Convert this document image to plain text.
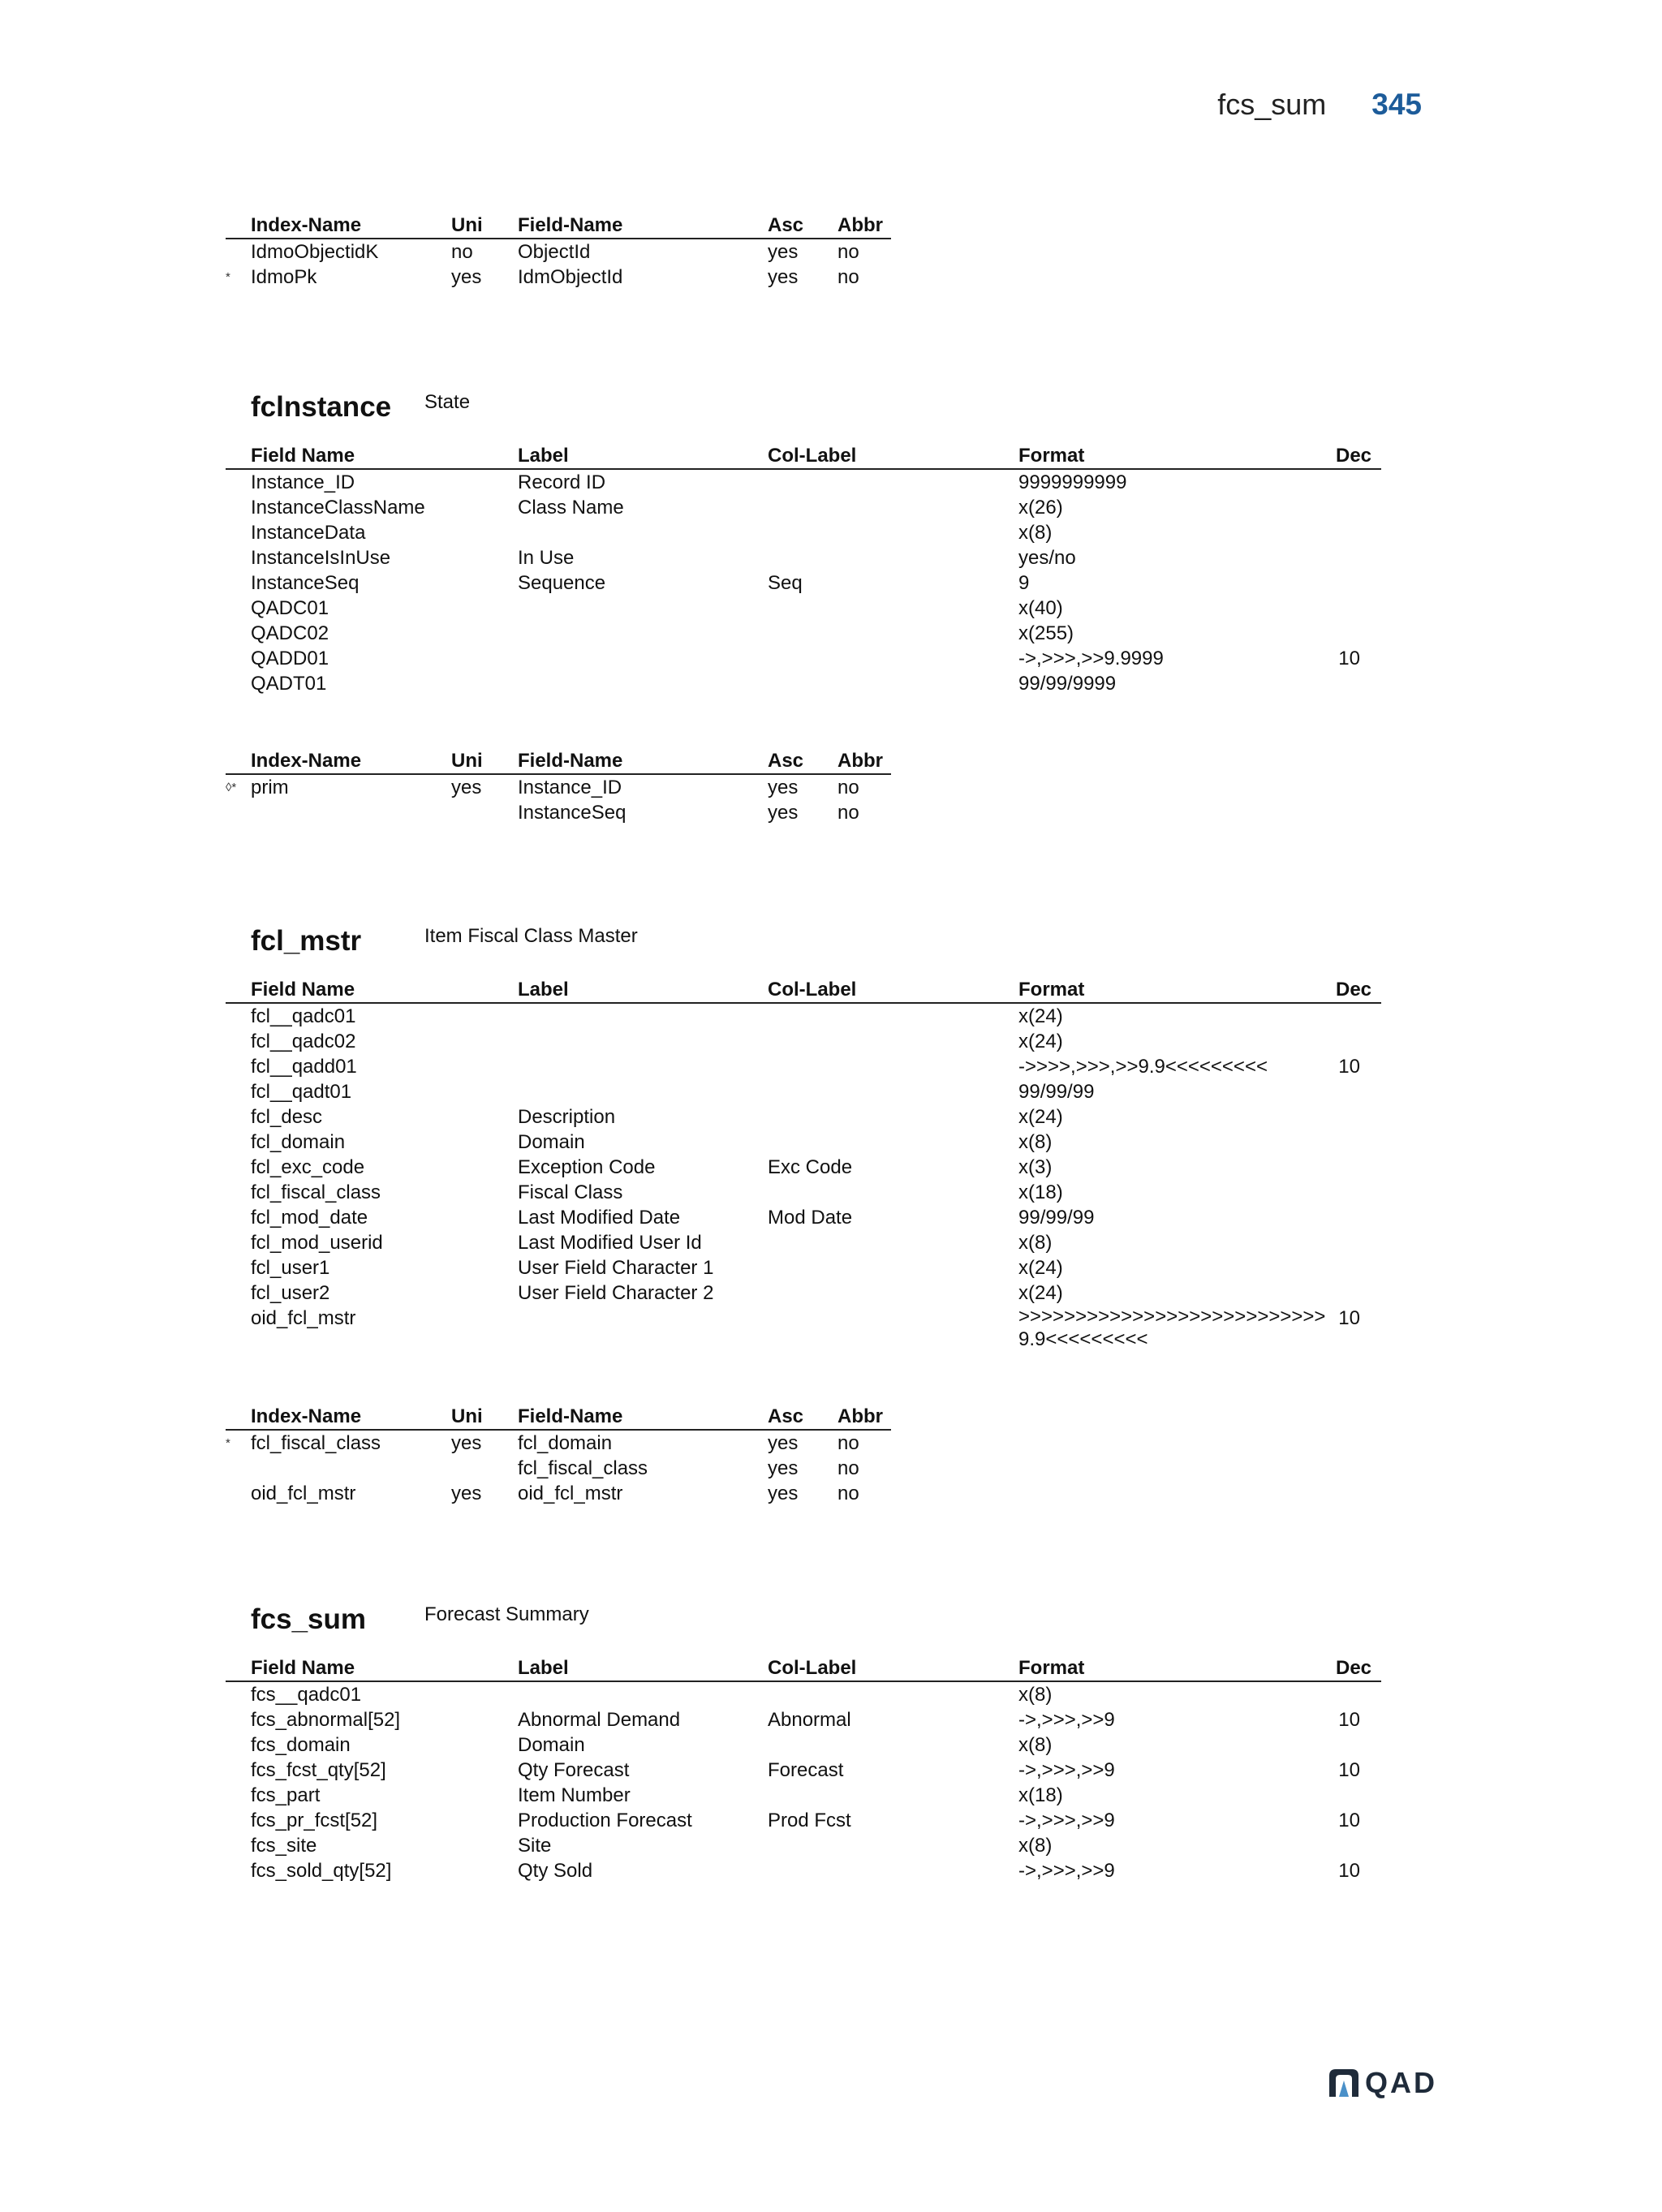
fcs_sum 345
	Index-Name	Uni	Field-Name	Asc	Abbr
	IdmoObjectidK	no	ObjectId	yes	no
*	IdmoPk	yes	IdmObjectId	yes	no
fclnstance State
	Field Name	Label	Col-Label	Format	Dec
	Instance_ID	Record ID		9999999999	
	InstanceClassName	Class Name		x(26)	
	InstanceData			x(8)	
	InstanceIsInUse	In Use		yes/no	
	InstanceSeq	Sequence	Seq	9	
	QADC01			x(40)	
	QADC02			x(255)	
	QADD01			->,>>>,>>9.9999	10
	QADT01			99/99/9999	
	Index-Name	Uni	Field-Name	Asc	Abbr
◊*	prim	yes	Instance_ID	yes	no
			InstanceSeq	yes	no
fcl_mstr	Item Fiscal Class Master
	Field Name	Label	Col-Label	Format	Dec
	fcl__qadc01			x(24)	
	fcl__qadc02			x(24)	
	fcl__qadd01			->>>>,>>>,>>9.9<<<<<<<<<	10
	fcl__qadt01			99/99/99	
	fcl_desc	Description		x(24)	
	fcl_domain	Domain		x(8)	
	fcl_exc_code	Exception Code	Exc Code	x(3)	
	fcl_fiscal_class	Fiscal Class		x(18)	
	fcl_mod_date	Last Modified Date	Mod Date	99/99/99	
	fcl_mod_userid	Last Modified User Id		x(8)	
	fcl_user1	User Field Character 1		x(24)	
	fcl_user2	User Field Character 2		x(24)	
	oid_fcl_mstr			>>>>>>>>>>>>>>>>>>>>>>>>>>>9.9<<<<<<<<<	10
	Index-Name	Uni	Field-Name	Asc	Abbr
*	fcl_fiscal_class	yes	fcl_domain	yes	no
			fcl_fiscal_class	yes	no
	oid_fcl_mstr	yes	oid_fcl_mstr	yes	no
fcs_sum	Forecast Summary
	Field Name	Label	Col-Label	Format	Dec
	fcs__qadc01			x(8)	
	fcs_abnormal[52]	Abnormal Demand	Abnormal	->,>>>,>>9	10
	fcs_domain	Domain		x(8)	
	fcs_fcst_qty[52]	Qty Forecast	Forecast	->,>>>,>>9	10
	fcs_part	Item Number		x(18)	
	fcs_pr_fcst[52]	Production Forecast	Prod Fcst	->,>>>,>>9	10
	fcs_site	Site		x(8)	
	fcs_sold_qty[52]	Qty Sold		->,>>>,>>9	10
QAD
